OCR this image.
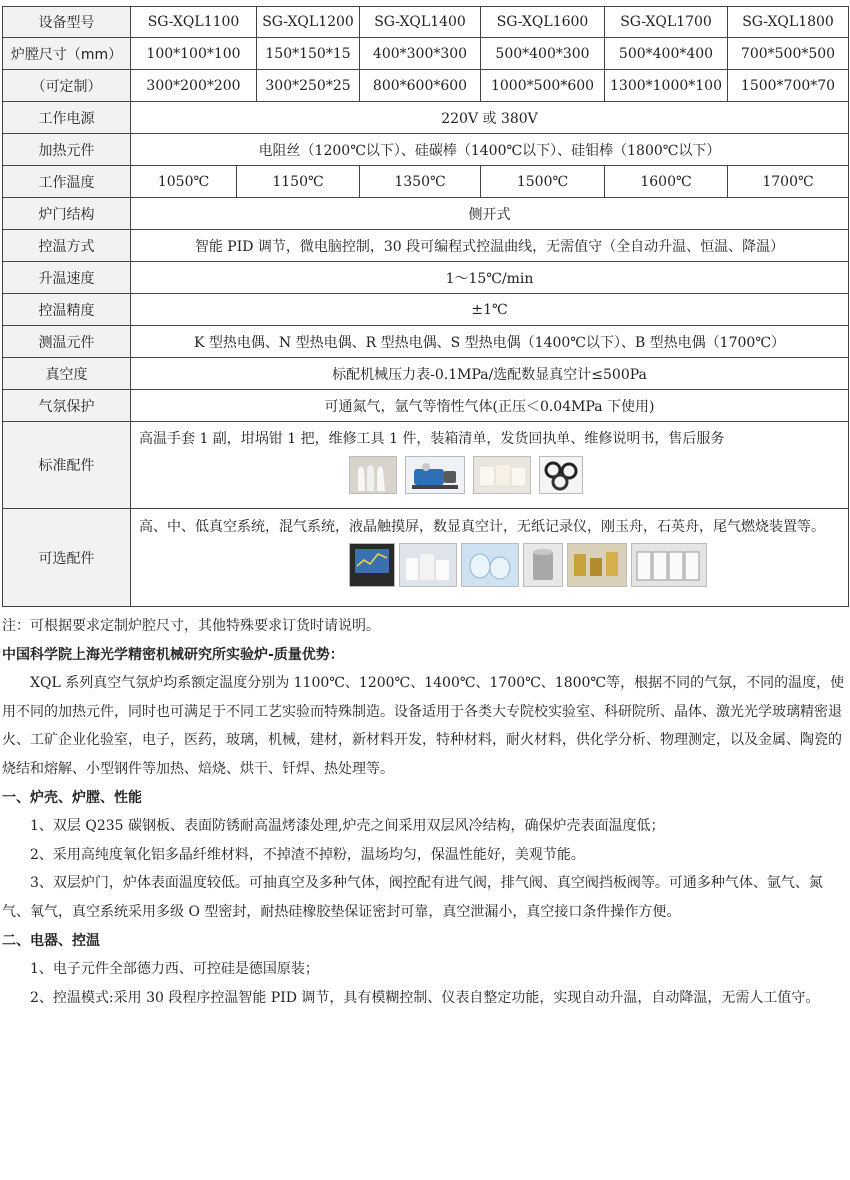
设备型号	SG-XQL1100		SG-XQL1200	SG-XQL1400	SG-XQL1600	SG-XQL1700	SG-XQL1800
炉膛尺寸（mm）	100*100*100		150*150*15	400*300*300	500*400*300	500*400*400	700*500*500
（可定制）	300*200*200		300*250*25	800*600*600	1000*500*600	1300*1000*100	1500*700*70
工作电源	220V 或 380V						
加热元件	电阻丝（1200℃以下）、硅碳棒（1400℃以下）、硅钼棒（1800℃以下）						
工作温度	1050℃	1150℃		1350℃	1500℃	1600℃	1700℃
炉门结构	侧开式						
控温方式	智能 PID 调节，微电脑控制，30 段可编程式控温曲线，无需值守（全自动升温、恒温、降温）						
升温速度	1～15℃/min						
控温精度	±1℃						
测温元件	K 型热电偶、N 型热电偶、R 型热电偶、S 型热电偶（1400℃以下）、B 型热电偶（1700℃）						
真空度	标配机械压力表-0.1MPa/选配数显真空计≤500Pa						
气氛保护	可通氮气，氩气等惰性气体(正压＜0.04MPa 下使用)						
标准配件	高温手套 1 副，坩埚钳 1 把，维修工具 1 件，装箱清单，发货回执单、维修说明书，售后服务						

可选配件	高、中、低真空系统，混气系统，液晶触摸屏，数显真空计，无纸记录仪，刚玉舟，石英舟，尾气燃烧装置等。						

注：可根据要求定制炉腔尺寸，其他特殊要求订货时请说明。

中国科学院上海光学精密机械研究所实验炉-质量优势：

XQL 系列真空气氛炉均系额定温度分别为 1100℃、1200℃、1400℃、1700℃、1800℃等，根据不同的气氛，不同的温度，使用不同的加热元件，同时也可满足于不同工艺实验而特殊制造。设备适用于各类大专院校实验室、科研院所、晶体、激光光学玻璃精密退火、工矿企业化验室，电子，医药，玻璃，机械，建材，新材料开发，特种材料，耐火材料，供化学分析、物理测定，以及金属、陶瓷的烧结和熔解、小型钢件等加热、焙烧、烘干、钎焊、热处理等。

一、炉壳、炉膛、性能

1、双层 Q235 碳钢板、表面防锈耐高温烤漆处理,炉壳之间采用双层风冷结构，确保炉壳表面温度低；

2、采用高纯度氧化铝多晶纤维材料，不掉渣不掉粉，温场均匀，保温性能好，美观节能。

3、双层炉门，炉体表面温度较低。可抽真空及多种气体，阀控配有进气阀，排气阀、真空阀挡板阀等。可通多种气体、氩气、氮气、氧气，真空系统采用多级 O 型密封，耐热硅橡胶垫保证密封可靠，真空泄漏小，真空接口条件操作方便。

二、电器、控温

1、电子元件全部德力西、可控硅是德国原装；

2、控温模式:采用 30 段程序控温智能 PID 调节，具有模糊控制、仪表自整定功能，实现自动升温，自动降温，无需人工值守。
